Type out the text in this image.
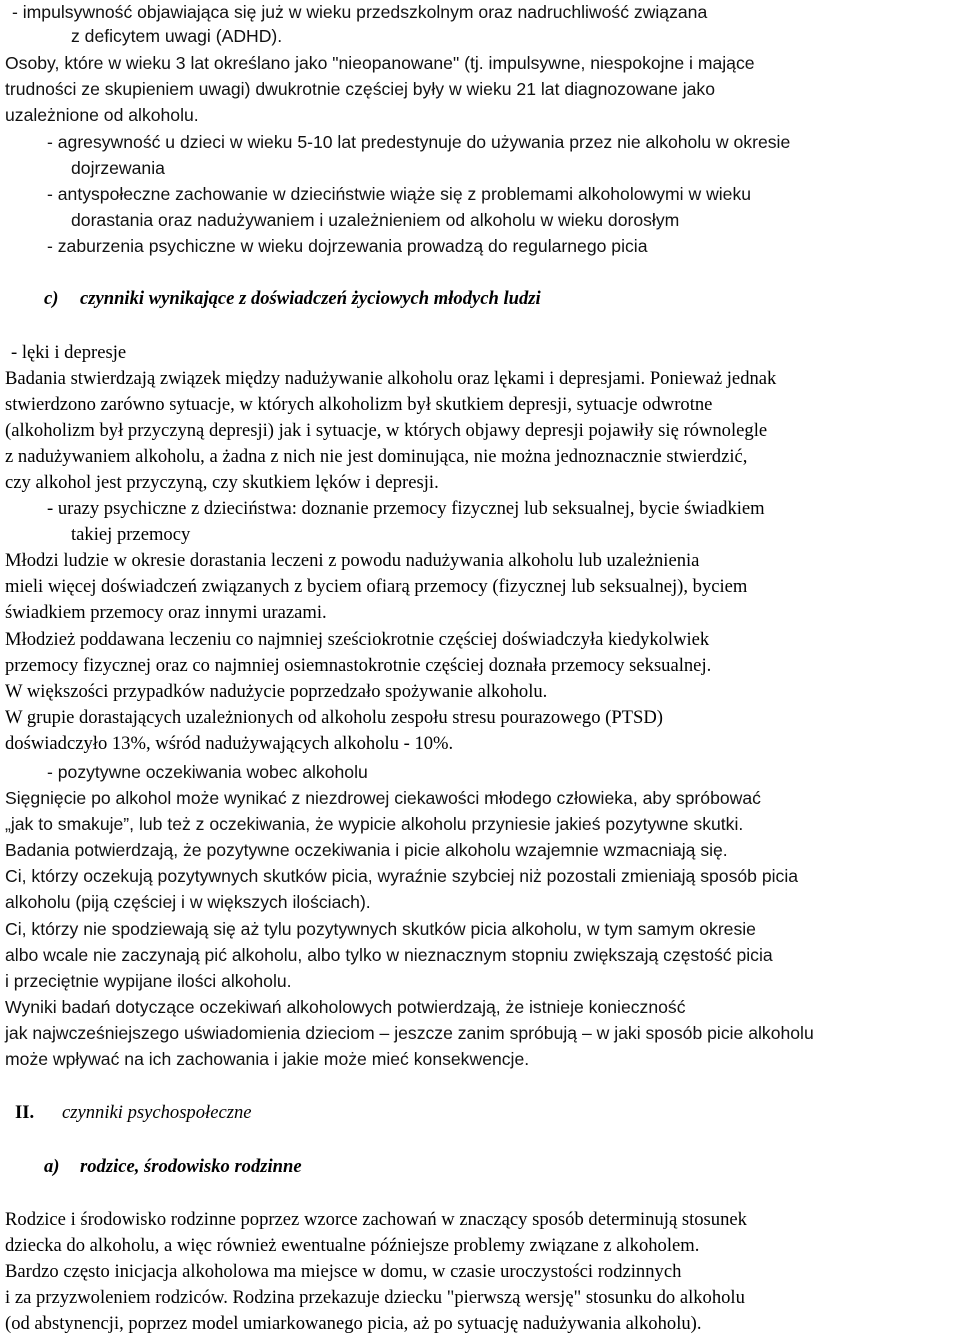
- impulsywność objawiająca się już w wieku przedszkolnym oraz nadruchliwość związana
z deficytem uwagi (ADHD).
Osoby, które w wieku 3 lat określano jako "nieopanowane" (tj. impulsywne, niespokojne i mające
trudności ze skupieniem uwagi) dwukrotnie częściej były w wieku 21 lat diagnozowane jako
uzależnione od alkoholu.
- agresywność u dzieci w wieku 5-10 lat predestynuje do używania przez nie alkoholu w okresie
dojrzewania
- antyspołeczne zachowanie w dzieciństwie wiąże się z problemami alkoholowymi w wieku
dorastania oraz nadużywaniem i uzależnieniem od alkoholu w wieku dorosłym
- zaburzenia psychiczne w wieku dojrzewania prowadzą do regularnego picia
c) czynniki wynikające z doświadczeń życiowych młodych ludzi
- lęki i depresje
Badania stwierdzają związek między nadużywanie alkoholu oraz lękami i depresjami. Ponieważ jednak
stwierdzono zarówno sytuacje, w których alkoholizm był skutkiem depresji, sytuacje odwrotne
(alkoholizm był przyczyną depresji) jak i sytuacje, w których objawy depresji pojawiły się równolegle
z nadużywaniem alkoholu, a żadna z nich nie jest dominująca, nie można jednoznacznie stwierdzić,
czy alkohol jest przyczyną, czy skutkiem lęków i depresji.
- urazy psychiczne z dzieciństwa: doznanie przemocy fizycznej lub seksualnej, bycie świadkiem
takiej przemocy
Młodzi ludzie w okresie dorastania leczeni z powodu nadużywania alkoholu lub uzależnienia
mieli więcej doświadczeń związanych z byciem ofiarą przemocy (fizycznej lub seksualnej), byciem
świadkiem przemocy oraz innymi urazami.
Młodzież poddawana leczeniu co najmniej sześciokrotnie częściej doświadczyła kiedykolwiek
przemocy fizycznej oraz co najmniej osiemnastokrotnie częściej doznała przemocy seksualnej.
W większości przypadków nadużycie poprzedzało spożywanie alkoholu.
W grupie dorastających uzależnionych od alkoholu zespołu stresu pourazowego (PTSD)
doświadczyło 13%, wśród nadużywających alkoholu - 10%.
- pozytywne oczekiwania wobec alkoholu
Sięgnięcie po alkohol może wynikać z niezdrowej ciekawości młodego człowieka, aby spróbować
„jak to smakuje”, lub też z oczekiwania, że wypicie alkoholu przyniesie jakieś pozytywne skutki.
Badania potwierdzają, że pozytywne oczekiwania i picie alkoholu wzajemnie wzmacniają się.
Ci, którzy oczekują pozytywnych skutków picia, wyraźnie szybciej niż pozostali zmieniają sposób picia
alkoholu (piją częściej i w większych ilościach).
Ci, którzy nie spodziewają się aż tylu pozytywnych skutków picia alkoholu, w tym samym okresie
albo wcale nie zaczynają pić alkoholu, albo tylko w nieznacznym stopniu zwiększają częstość picia
i przeciętnie wypijane ilości alkoholu.
Wyniki badań dotyczące oczekiwań alkoholowych potwierdzają, że istnieje konieczność
jak najwcześniejszego uświadomienia dzieciom – jeszcze zanim spróbują – w jaki sposób picie alkoholu
może wpływać na ich zachowania i jakie może mieć konsekwencje.
II. czynniki psychospołeczne
a) rodzice, środowisko rodzinne
Rodzice i środowisko rodzinne poprzez wzorce zachowań w znaczący sposób determinują stosunek
dziecka do alkoholu, a więc również ewentualne późniejsze problemy związane z alkoholem.
Bardzo często inicjacja alkoholowa ma miejsce w domu, w czasie uroczystości rodzinnych
i za przyzwoleniem rodziców. Rodzina przekazuje dziecku "pierwszą wersję" stosunku do alkoholu
(od abstynencji, poprzez model umiarkowanego picia, aż po sytuację nadużywania alkoholu).
